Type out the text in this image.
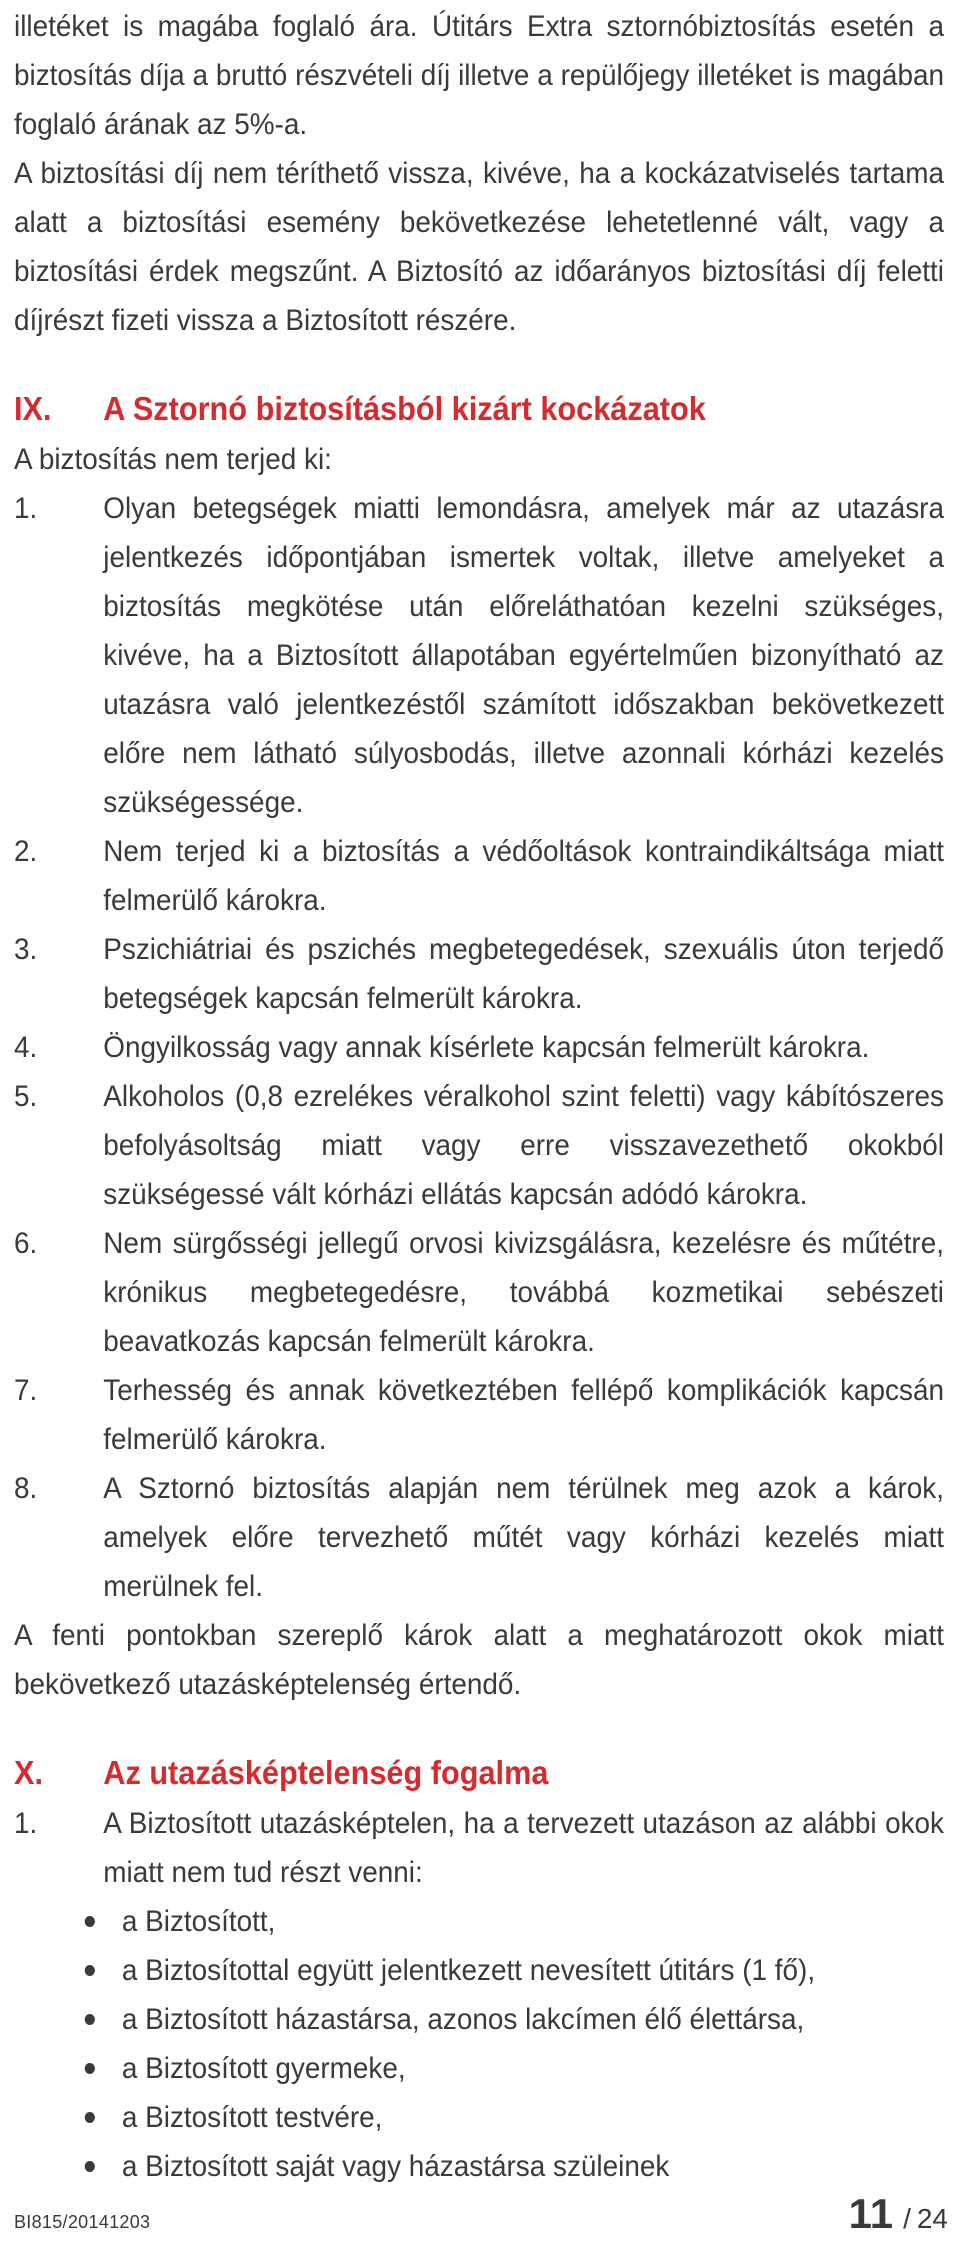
illetéket is magába foglaló ára. Útitárs Extra sztornóbiztosítás esetén a biztosítás díja a bruttó részvételi díj illetve a repülőjegy illetéket is magában foglaló árának az 5%-a.

A biztosítási díj nem téríthető vissza, kivéve, ha a kockázatviselés tartama alatt a biztosítási esemény bekövetkezése lehetetlenné vált, vagy a biztosítási érdek megszűnt. A Biztosító az időarányos biztosítási díj feletti díjrészt fizeti vissza a Biztosított részére.

IX.	A Sztornó biztosításból kizárt kockázatok

A biztosítás nem terjed ki:

1.	Olyan betegségek miatti lemondásra, amelyek már az utazásra jelentkezés időpontjában ismertek voltak, illetve amelyeket a biztosítás megkötése után előreláthatóan kezelni szükséges, kivéve, ha a Biztosított állapotában egyértelműen bizonyítható az utazásra való jelentkezéstől számított időszakban bekövetkezett előre nem látható súlyosbodás, illetve azonnali kórházi kezelés szükségessége.
2.	Nem terjed ki a biztosítás a védőoltások kontraindikáltsága miatt felmerülő károkra.
3.	Pszichiátriai és pszichés megbetegedések, szexuális úton terjedő betegségek kapcsán felmerült károkra.
4.	Öngyilkosság vagy annak kísérlete kapcsán felmerült károkra.
5.	Alkoholos (0,8 ezrelékes véralkohol szint feletti) vagy kábítószeres befolyásoltság miatt vagy erre visszavezethető okokból szükségessé vált kórházi ellátás kapcsán adódó károkra.
6.	Nem sürgősségi jellegű orvosi kivizsgálásra, kezelésre és műtétre, krónikus megbetegedésre, továbbá kozmetikai sebészeti beavatkozás kapcsán felmerült károkra.
7.	Terhesség és annak következtében fellépő komplikációk kapcsán felmerülő károkra.
8.	A Sztornó biztosítás alapján nem térülnek meg azok a károk, amelyek előre tervezhető műtét vagy kórházi kezelés miatt merülnek fel.

A fenti pontokban szereplő károk alatt a meghatározott okok miatt bekövetkező utazásképtelenség értendő.

X.	Az utazásképtelenség fogalma
1.	A Biztosított utazásképtelen, ha a tervezett utazáson az alábbi okok miatt nem tud részt venni:
a Biztosított,
a Biztosítottal együtt jelentkezett nevesített útitárs (1 fő),
a Biztosított házastársa, azonos lakcímen élő élettársa,
a Biztosított gyermeke,
a Biztosított testvére,
a Biztosított saját vagy házastársa szüleinek
BI815/20141203	11 / 24
